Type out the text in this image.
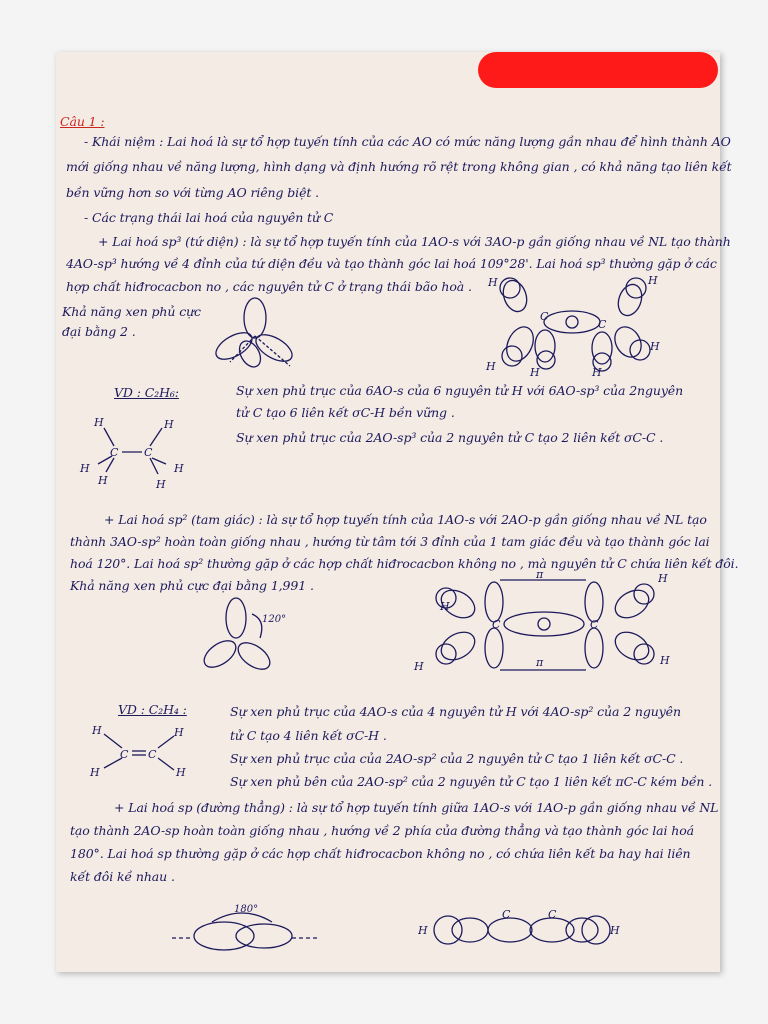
Câu 1 :
- Khái niệm : Lai hoá là sự tổ hợp tuyến tính của các AO có mức năng lượng gần nhau để hình thành AO
mới giống nhau về năng lượng, hình dạng và định hướng rõ rệt trong không gian , có khả năng tạo liên kết
bền vững hơn so với từng AO riêng biệt .
- Các trạng thái lai hoá của nguyên tử C
+ Lai hoá sp³ (tứ diện) : là sự tổ hợp tuyến tính của 1AO-s với 3AO-p gần giống nhau về NL tạo thành
4AO-sp³ hướng về 4 đỉnh của tứ diện đều và tạo thành góc lai hoá 109°28'. Lai hoá sp³ thường gặp ở các
hợp chất hiđrocacbon no , các nguyên tử C ở trạng thái bão hoà .
Khả năng xen phủ cực
đại bằng 2 .
VD : C₂H₆:	Sự xen phủ trục của 6AO-s của 6 nguyên tử H với 6AO-sp³ của 2nguyên
tử C tạo 6 liên kết σC-H bền vững .
Sự xen phủ trục của 2AO-sp³ của 2 nguyên tử C tạo 2 liên kết σC-C .
+ Lai hoá sp² (tam giác) : là sự tổ hợp tuyến tính của 1AO-s với 2AO-p gần giống nhau về NL tạo
thành 3AO-sp² hoàn toàn giống nhau , hướng từ tâm tới 3 đỉnh của 1 tam giác đều và tạo thành góc lai
hoá 120°. Lai hoá sp² thường gặp ở các hợp chất hiđrocacbon không no , mà nguyên tử C chứa liên kết đôi.
Khả năng xen phủ cực đại bằng 1,991 .
VD : C₂H₄ :	Sự xen phủ trục của 4AO-s của 4 nguyên tử H với 4AO-sp² của 2 nguyên
tử C tạo 4 liên kết σC-H .
Sự xen phủ trục của của 2AO-sp² của 2 nguyên tử C tạo 1 liên kết σC-C .
Sự xen phủ bên của 2AO-sp² của 2 nguyên tử C tạo 1 liên kết πC-C kém bền .
+ Lai hoá sp (đường thẳng) : là sự tổ hợp tuyến tính giữa 1AO-s với 1AO-p gần giống nhau về NL
tạo thành 2AO-sp hoàn toàn giống nhau , hướng về 2 phía của đường thẳng và tạo thành góc lai hoá
180°. Lai hoá sp thường gặp ở các hợp chất hiđrocacbon không no , có chứa liên kết ba hay hai liên
kết đôi kề nhau .
H
H	H
H
H
H
C
C
C C
H	H
H
H
H
H
120°
π
π
C	C
H
H
H
H
C C
H
H
H
H
180°
H	H
C	C
